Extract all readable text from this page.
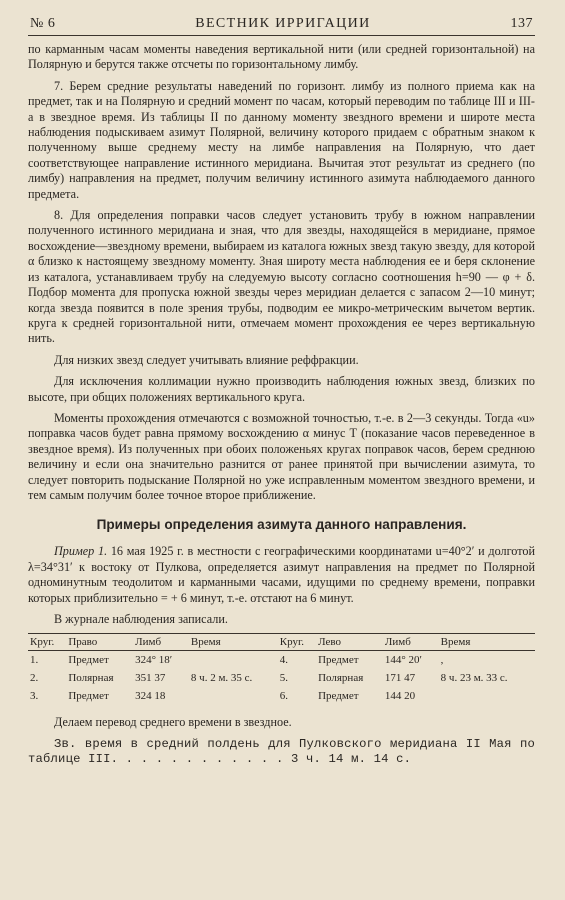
№ 6	ВЕСТНИК ИРРИГАЦИИ	137

по карманным часам моменты наведения вертикальной нити (или средней горизонтальной) на Полярную и берутся также отсчеты по горизонтальному лимбу.

7. Берем средние результаты наведений по горизонт. лимбу из полного приема как на предмет, так и на Полярную и средний момент по часам, который переводим по таблице III и III-а в звездное время. Из таблицы II по данному моменту звездного времени и широте места наблюдения подыскиваем азимут Полярной, величину которого придаем с обратным знаком к полученному выше среднему месту на лимбе направления на Полярную, что дает соответствующее направление истинного меридиана. Вычитая этот результат из среднего (по лимбу) направления на предмет, получим величину истинного азимута наблюдаемого данного предмета.

8. Для определения поправки часов следует установить трубу в южном направлении полученного истинного меридиана и зная, что для звезды, находящейся в меридиане, прямое восхождение—звездному времени, выбираем из каталога южных звезд такую звезду, для которой α близко к настоящему звездному моменту. Зная широту места наблюдения ее и беря склонение из каталога, устанавливаем трубу на следуемую высоту согласно соотношения h=90 — φ + δ. Подбор момента для пропуска южной звезды через меридиан делается с запасом 2—10 минут; когда звезда появится в поле зрения трубы, подводим ее микро-метрическим вычетом вертик. круга к средней горизонтальной нити, отмечаем момент прохождения ее через вертикальную нить.

Для низких звезд следует учитывать влияние реффракции.

Для исключения коллимации нужно производить наблюдения южных звезд, близких по высоте, при общих положениях вертикального круга.

Моменты прохождения отмечаются с возможной точностью, т.-е. в 2—3 секунды. Тогда «u» поправка часов будет равна прямому восхождению α минус Т (показание часов переведенное в звездное время). Из полученных при обоих положеньях кругах поправок часов, берем среднюю величину и если она значительно разнится от ранее принятой при вычислении азимута, то следует повторить подыскание Полярной но уже исправленным моментом звездного времени, и тем самым получим более точное второе приближение.

Примеры определения азимута данного направления.

Пример 1. 16 мая 1925 г. в местности с географическими координатами u=40°2′ и долготой λ=34°31′ к востоку от Пулкова, определяется азимут направления на предмет по Полярной одноминутным теодолитом и карманными часами, идущими по среднему времени, поправки которых приблизительно = + 6 минут, т.-е. отстают на 6 минут.

В журнале наблюдения записали.

Круг.	Право	Лимб	Время	Круг.	Лево	Лимб	Время
1.	Предмет	324° 18′		4.	Предмет	144° 20′	,
2.	Полярная	351 37	8 ч. 2 м. 35 с.	5.	Полярная	171 47	8 ч. 23 м. 33 с.
3.	Предмет	324 18		6.	Предмет	144 20	

Делаем перевод среднего времени в звездное.

Зв. время в средний полдень для Пулковского меридиана II Мая по таблице III. . . . . . . . . . . . 3 ч. 14 м. 14 с.
